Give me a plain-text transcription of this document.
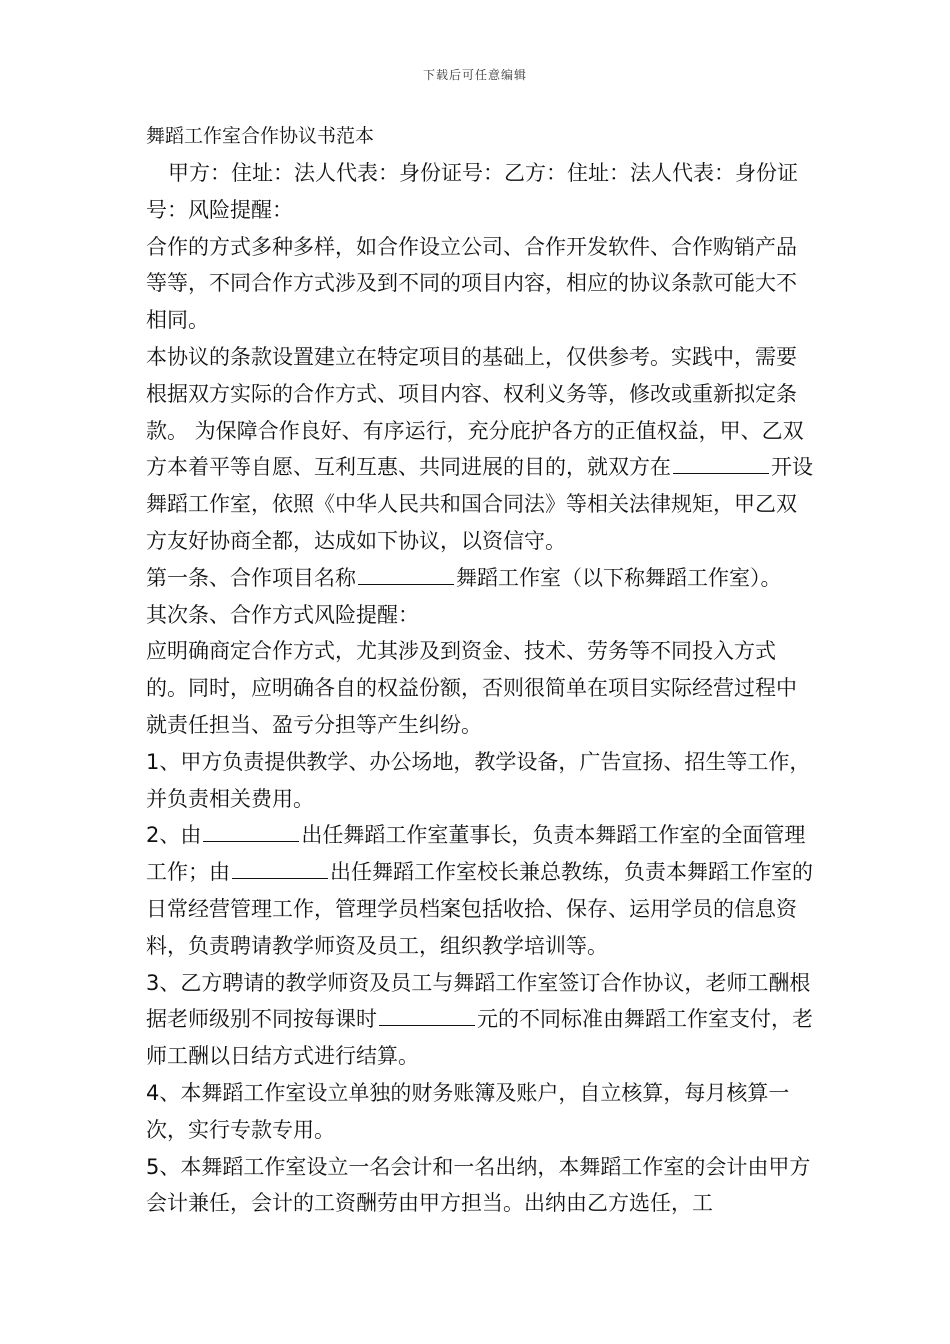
下载后可任意编辑
舞蹈工作室合作协议书范本

甲方：住址：法人代表：身份证号：乙方：住址：法人代表：身份证号：风险提醒：

合作的方式多种多样，如合作设立公司、合作开发软件、合作购销产品等等，不同合作方式涉及到不同的项目内容，相应的协议条款可能大不相同。

本协议的条款设置建立在特定项目的基础上，仅供参考。实践中，需要根据双方实际的合作方式、项目内容、权利义务等，修改或重新拟定条款。 为保障合作良好、有序运行，充分庇护各方的正值权益，甲、乙双方本着平等自愿、互利互惠、共同进展的目的，就双方在	开设舞蹈工作室，依照《中华人民共和国合同法》等相关法律规矩，甲乙双方友好协商全都，达成如下协议，以资信守。

第一条、合作项目名称	舞蹈工作室（以下称舞蹈工作室）。

其次条、合作方式风险提醒：

应明确商定合作方式，尤其涉及到资金、技术、劳务等不同投入方式的。同时，应明确各自的权益份额，否则很简单在项目实际经营过程中就责任担当、盈亏分担等产生纠纷。

1、甲方负责提供教学、办公场地，教学设备，广告宣扬、招生等工作，并负责相关费用。

2、由	出任舞蹈工作室董事长，负责本舞蹈工作室的全面管理工作；由	出任舞蹈工作室校长兼总教练，负责本舞蹈工作室的日常经营管理工作，管理学员档案包括收拾、保存、运用学员的信息资料，负责聘请教学师资及员工，组织教学培训等。

3、乙方聘请的教学师资及员工与舞蹈工作室签订合作协议，老师工酬根据老师级别不同按每课时	元的不同标准由舞蹈工作室支付，老师工酬以日结方式进行结算。

4、本舞蹈工作室设立单独的财务账簿及账户，自立核算，每月核算一次，实行专款专用。

5、本舞蹈工作室设立一名会计和一名出纳，本舞蹈工作室的会计由甲方会计兼任，会计的工资酬劳由甲方担当。出纳由乙方选任，工
